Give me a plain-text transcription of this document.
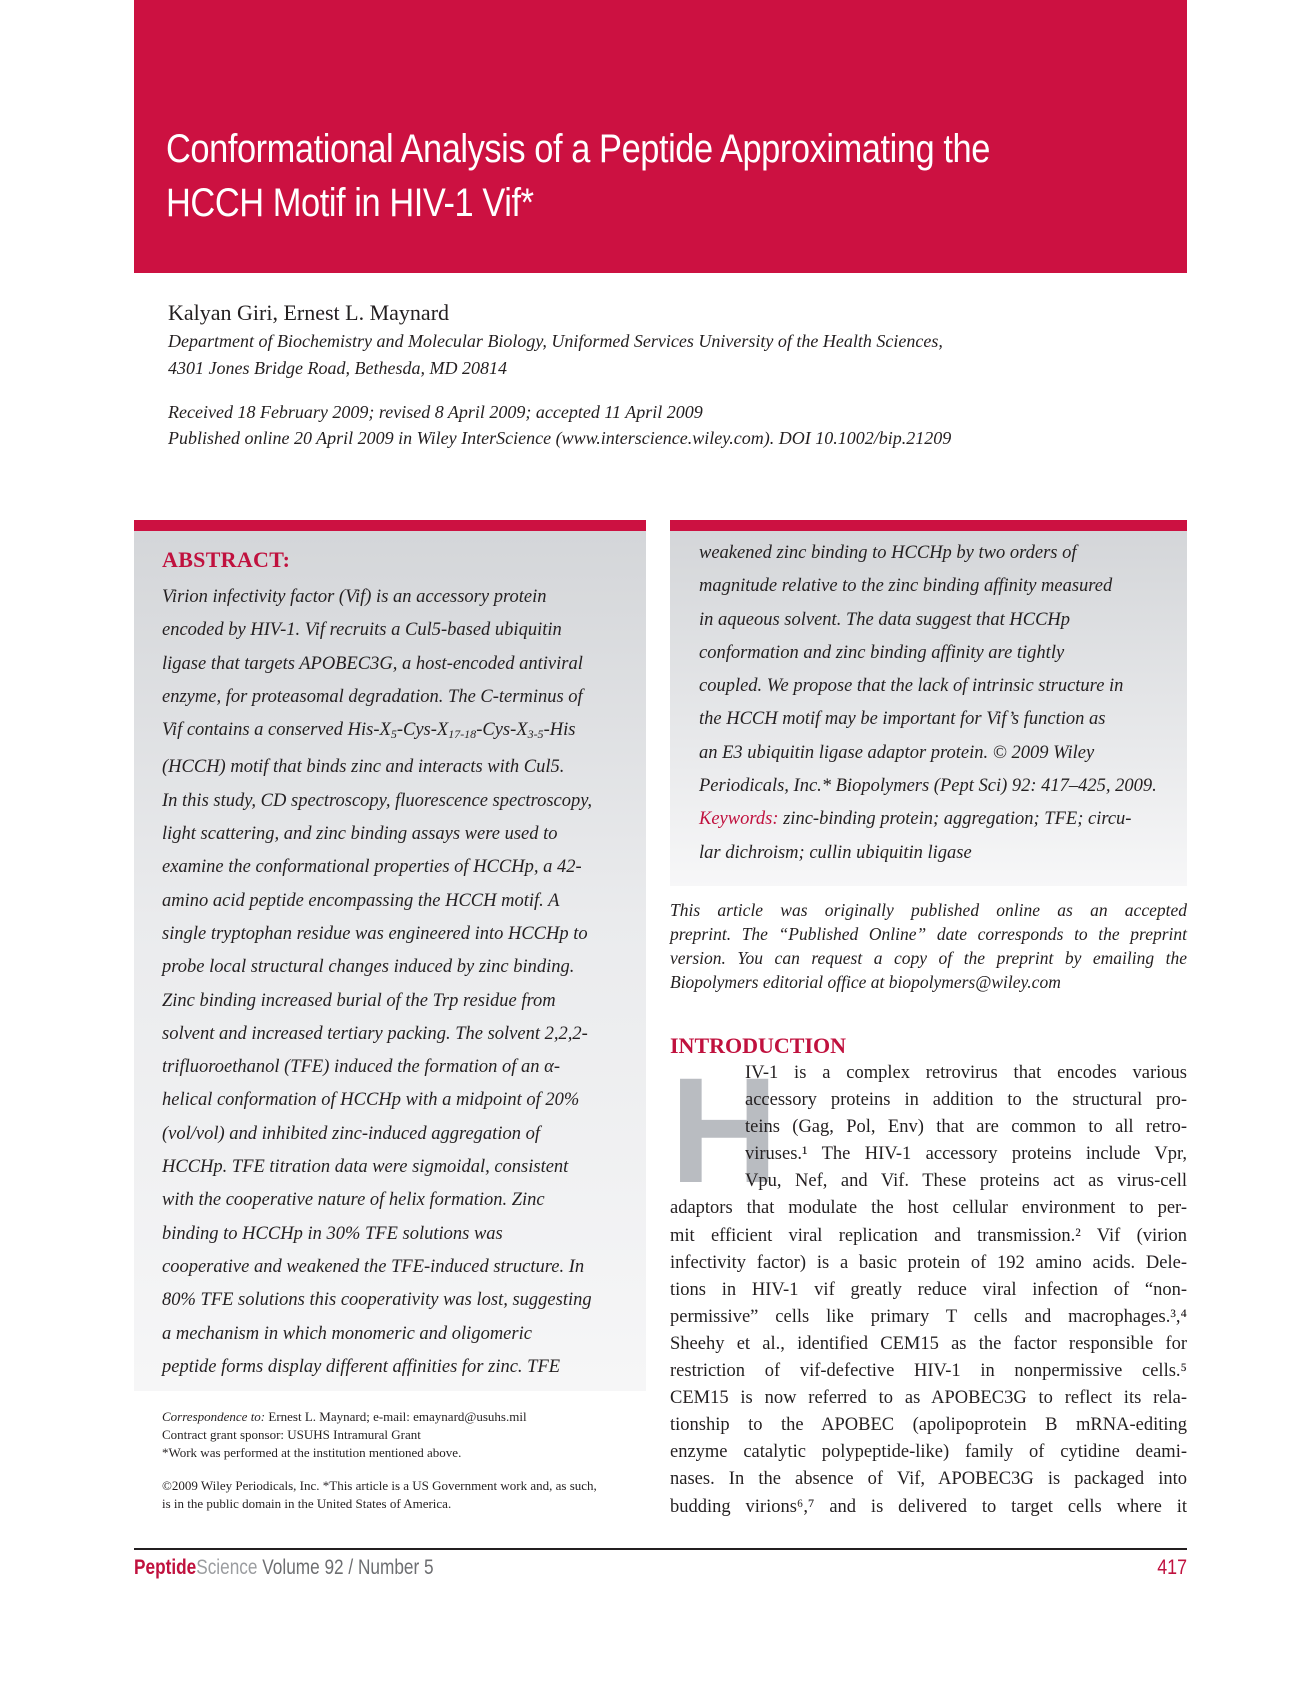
Conformational Analysis of a Peptide Approximating the
HCCH Motif in HIV-1 Vif*

Kalyan Giri, Ernest L. Maynard

Department of Biochemistry and Molecular Biology, Uniformed Services University of the Health Sciences,
4301 Jones Bridge Road, Bethesda, MD 20814

Received 18 February 2009; revised 8 April 2009; accepted 11 April 2009
Published online 20 April 2009 in Wiley InterScience (www.interscience.wiley.com). DOI 10.1002/bip.21209

ABSTRACT:
Virion infectivity factor (Vif) is an accessory protein
encoded by HIV-1. Vif recruits a Cul5-based ubiquitin
ligase that targets APOBEC3G, a host-encoded antiviral
enzyme, for proteasomal degradation. The C-terminus of
Vif contains a conserved His-$X_5-Cys-X_{17-18}-Cys-X_{3-5}$-His
(HCCH) motif that binds zinc and interacts with Cul5.
In this study, CD spectroscopy, fluorescence spectroscopy,
light scattering, and zinc binding assays were used to
examine the conformational properties of HCCHp, a 42-
amino acid peptide encompassing the HCCH motif. A
single tryptophan residue was engineered into HCCHp to
probe local structural changes induced by zinc binding.
Zinc binding increased burial of the Trp residue from
solvent and increased tertiary packing. The solvent 2,2,2-
trifluoroethanol (TFE) induced the formation of an α-
helical conformation of HCCHp with a midpoint of 20%
(vol/vol) and inhibited zinc-induced aggregation of
HCCHp. TFE titration data were sigmoidal, consistent
with the cooperative nature of helix formation. Zinc
binding to HCCHp in 30% TFE solutions was
cooperative and weakened the TFE-induced structure. In
80% TFE solutions this cooperativity was lost, suggesting
a mechanism in which monomeric and oligomeric
peptide forms display different affinities for zinc. TFE
weakened zinc binding to HCCHp by two orders of
magnitude relative to the zinc binding affinity measured
in aqueous solvent. The data suggest that HCCHp
conformation and zinc binding affinity are tightly
coupled. We propose that the lack of intrinsic structure in
the HCCH motif may be important for Vif’s function as
an E3 ubiquitin ligase adaptor protein. © 2009 Wiley
Periodicals, Inc.* Biopolymers (Pept Sci) 92: 417–425, 2009.
Keywords: zinc-binding protein; aggregation; TFE; circu-
lar dichroism; cullin ubiquitin ligase
This article was originally published online as an accepted
preprint. The “Published Online” date corresponds to the preprint
version. You can request a copy of the preprint by emailing the
Biopolymers editorial office at biopolymers@wiley.com
INTRODUCTION
H
IV-1 is a complex retrovirus that encodes various
accessory proteins in addition to the structural pro-
teins (Gag, Pol, Env) that are common to all retro-
viruses.¹ The HIV-1 accessory proteins include Vpr,
Vpu, Nef, and Vif. These proteins act as virus-cell
adaptors that modulate the host cellular environment to per-
mit efficient viral replication and transmission.² Vif (virion
infectivity factor) is a basic protein of 192 amino acids. Dele-
tions in HIV-1 vif greatly reduce viral infection of “non-
permissive” cells like primary T cells and macrophages.³,⁴
Sheehy et al., identified CEM15 as the factor responsible for
restriction of vif-defective HIV-1 in nonpermissive cells.⁵
CEM15 is now referred to as APOBEC3G to reflect its rela-
tionship to the APOBEC (apolipoprotein B mRNA-editing
enzyme catalytic polypeptide-like) family of cytidine deami-
nases. In the absence of Vif, APOBEC3G is packaged into
budding virions⁶,⁷ and is delivered to target cells where it
Correspondence to: Ernest L. Maynard; e-mail: emaynard@usuhs.mil
Contract grant sponsor: USUHS Intramural Grant
*Work was performed at the institution mentioned above.
©2009 Wiley Periodicals, Inc. *This article is a US Government work and, as such,
is in the public domain in the United States of America.
PeptideScience Volume 92 / Number 5	417
